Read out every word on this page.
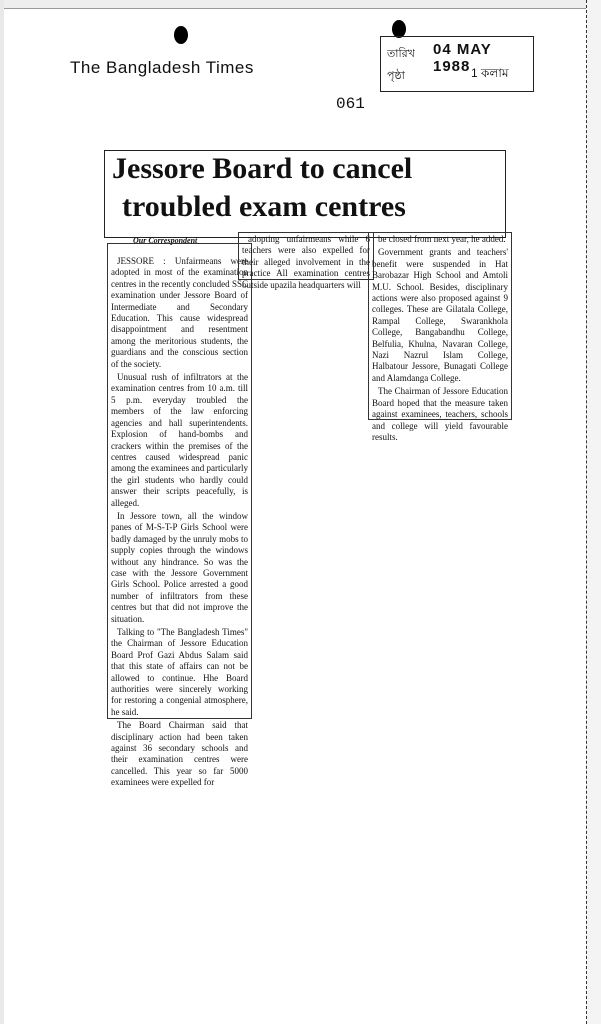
The Bangladesh Times
তারিখ 04 MAY 1988
পৃষ্ঠা	1 কলাম
061
Jessore Board to cancel
troubled exam centres
Our Correspondent

JESSORE : Unfairmeans were adopted in most of the examination centres in the recently concluded SSC examination under Jessore Board of Intermediate and Secondary Education. This cause widespread disappointment and resentment among the meritorious students, the guardians and the conscious section of the society.

Unusual rush of infiltrators at the examination centres from 10 a.m. till 5 p.m. everyday troubled the members of the law enforcing agencies and hall superintendents. Explosion of hand-bombs and crackers within the premises of the centres caused widespread panic among the examinees and particularly the girl students who hardly could answer their scripts peacefully, is alleged.

In Jessore town, all the window panes of M-S-T-P Girls School were badly damaged by the unruly mobs to supply copies through the windows without any hindrance. So was the case with the Jessore Government Girls School. Police arrested a good number of infiltrators from these centres but that did not improve the situation.

Talking to "The Bangladesh Times" the Chairman of Jessore Education Board Prof Gazi Abdus Salam said that this state of affairs can not be allowed to continue. Hhe Board authorities were sincerely working for restoring a congenial atmosphere, he said.

The Board Chairman said that disciplinary action had been taken against 36 secondary schools and their examination centres were cancelled. This year so far 5000 examinees were expelled for

adopting unfairmeans while 6 teachers were also expelled for their alleged involvement in the practice All examination centres outside upazila headquarters will

be closed from next year, he added.

Government grants and teachers' benefit were suspended in Hat Barobazar High School and Amtoli M.U. School. Besides, disciplinary actions were also proposed against 9 colleges. These are Gilatala College, Rampal College, Swarankhola College, Bangabandhu College, Belfulia, Khulna, Navaran College, Nazi Nazrul Islam College, Halbatour Jessore, Bunagati College and Alamdanga College.

The Chairman of Jessore Education Board hoped that the measure taken against examinees, teachers, schools and college will yield favourable results.
